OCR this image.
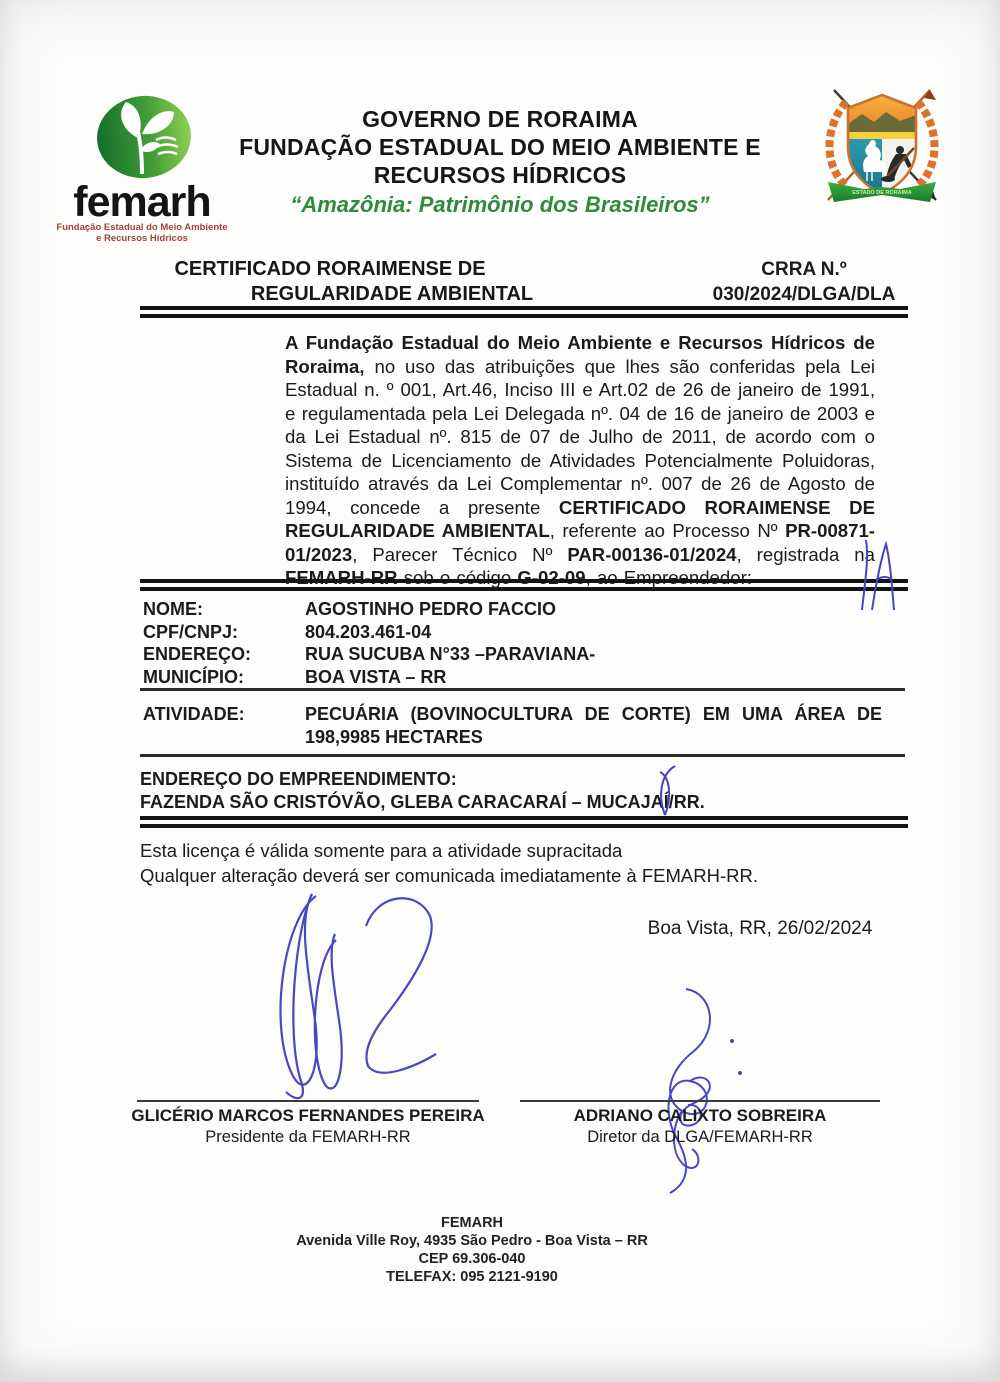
femarh
Fundação Estadual do Meio Ambiente
e Recursos Hídricos
GOVERNO DE RORAIMA
FUNDAÇÃO ESTADUAL DO MEIO AMBIENTE E
RECURSOS HÍDRICOS
“Amazônia: Patrimônio dos Brasileiros”	ESTADO DE RORAIMA
CERTIFICADO RORAIMENSE DE
REGULARIDADE AMBIENTAL
CRRA N.º
030/2024/DLGA/DLA
A Fundação Estadual do Meio Ambiente e Recursos Hídricos de Roraima, no uso das atribuições que lhes são conferidas pela Lei Estadual n. º 001, Art.46, Inciso III e Art.02 de 26 de janeiro de 1991, e regulamentada pela Lei Delegada nº. 04 de 16 de janeiro de 2003 e da Lei Estadual nº. 815 de 07 de Julho de 2011, de acordo com o Sistema de Licenciamento de Atividades Potencialmente Poluidoras, instituído através da Lei Complementar nº. 007 de 26 de Agosto de 1994, concede a presente CERTIFICADO RORAIMENSE DE REGULARIDADE AMBIENTAL, referente ao Processo Nº PR-00871-01/2023, Parecer Técnico Nº PAR-00136-01/2024, registrada na FEMARH-RR sob o código G-02-09, ao Empreendedor:
NOME:	AGOSTINHO PEDRO FACCIO
CPF/CNPJ:	804.203.461-04
ENDEREÇO:	RUA SUCUBA N°33 –PARAVIANA-
MUNICÍPIO:	BOA VISTA – RR
ATIVIDADE:	PECUÁRIA (BOVINOCULTURA DE CORTE) EM UMA ÁREA DE 198,9985 HECTARES
ENDEREÇO DO EMPREENDIMENTO:
FAZENDA SÃO CRISTÓVÃO, GLEBA CARACARAÍ – MUCAJAÍ/RR.
Esta licença é válida somente para a atividade supracitada
Qualquer alteração deverá ser comunicada imediatamente à FEMARH-RR.
Boa Vista, RR, 26/02/2024
GLICÉRIO MARCOS FERNANDES PEREIRA
Presidente da FEMARH-RR
ADRIANO CALIXTO SOBREIRA
Diretor da DLGA/FEMARH-RR
FEMARH
Avenida Ville Roy, 4935 São Pedro - Boa Vista – RR
CEP 69.306-040
TELEFAX: 095 2121-9190
